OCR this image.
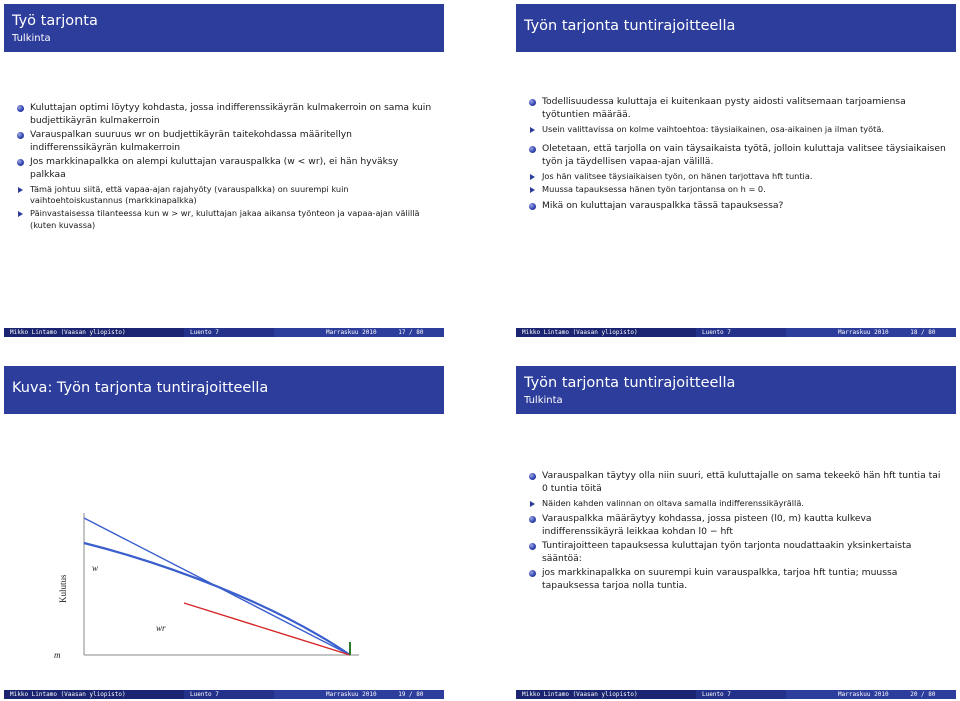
Työ tarjonta
Tulkinta
Kuluttajan optimi löytyy kohdasta, jossa indifferenssikäyrän kulmakerroin on sama kuin budjettikäyrän kulmakerroin
Varauspalkan suuruus wr on budjettikäyrän taitekohdassa määritellyn indifferenssikäyrän kulmakerroin
Jos markkinapalkka on alempi kuluttajan varauspalkka (w < wr), ei hän hyväksy palkkaa
Tämä johtuu siitä, että vapaa-ajan rajahyöty (varauspalkka) on suurempi kuin vaihtoehtoiskustannus (markkinapalkka)
Päinvastaisessa tilanteessa kun w > wr, kuluttajan jakaa aikansa työnteon ja vapaa-ajan välillä (kuten kuvassa)
Mikko Lintamo (Vaasan yliopisto)	Luento 7	Marraskuu 2010	17 / 80
Työn tarjonta tuntirajoitteella
Todellisuudessa kuluttaja ei kuitenkaan pysty aidosti valitsemaan tarjoamiensa työtuntien määrää.
Usein valittavissa on kolme vaihtoehtoa: täysiaikainen, osa-aikainen ja ilman työtä.
Oletetaan, että tarjolla on vain täysaikaista työtä, jolloin kuluttaja valitsee täysiaikaisen työn ja täydellisen vapaa-ajan välillä.
Jos hän valitsee täysiaikaisen työn, on hänen tarjottava hft tuntia.
Muussa tapauksessa hänen työn tarjontansa on h = 0.
Mikä on kuluttajan varauspalkka tässä tapauksessa?
Mikko Lintamo (Vaasan yliopisto)	Luento 7	Marraskuu 2010	18 / 80
Kuva: Työn tarjonta tuntirajoitteella
Kulutus
m
w
wr
Mikko Lintamo (Vaasan yliopisto)	Luento 7	Marraskuu 2010	19 / 80
Työn tarjonta tuntirajoitteella
Tulkinta
Varauspalkan täytyy olla niin suuri, että kuluttajalle on sama tekeekö hän hft tuntia tai 0 tuntia töitä
Näiden kahden valinnan on oltava samalla indifferenssikäyrällä.
Varauspalkka määräytyy kohdassa, jossa pisteen (l0, m) kautta kulkeva indifferenssikäyrä leikkaa kohdan l0 − hft
Tuntirajoitteen tapauksessa kuluttajan työn tarjonta noudattaakin yksinkertaista sääntöä:
jos markkinapalkka on suurempi kuin varauspalkka, tarjoa hft tuntia; muussa tapauksessa tarjoa nolla tuntia.
Mikko Lintamo (Vaasan yliopisto)	Luento 7	Marraskuu 2010	20 / 80
